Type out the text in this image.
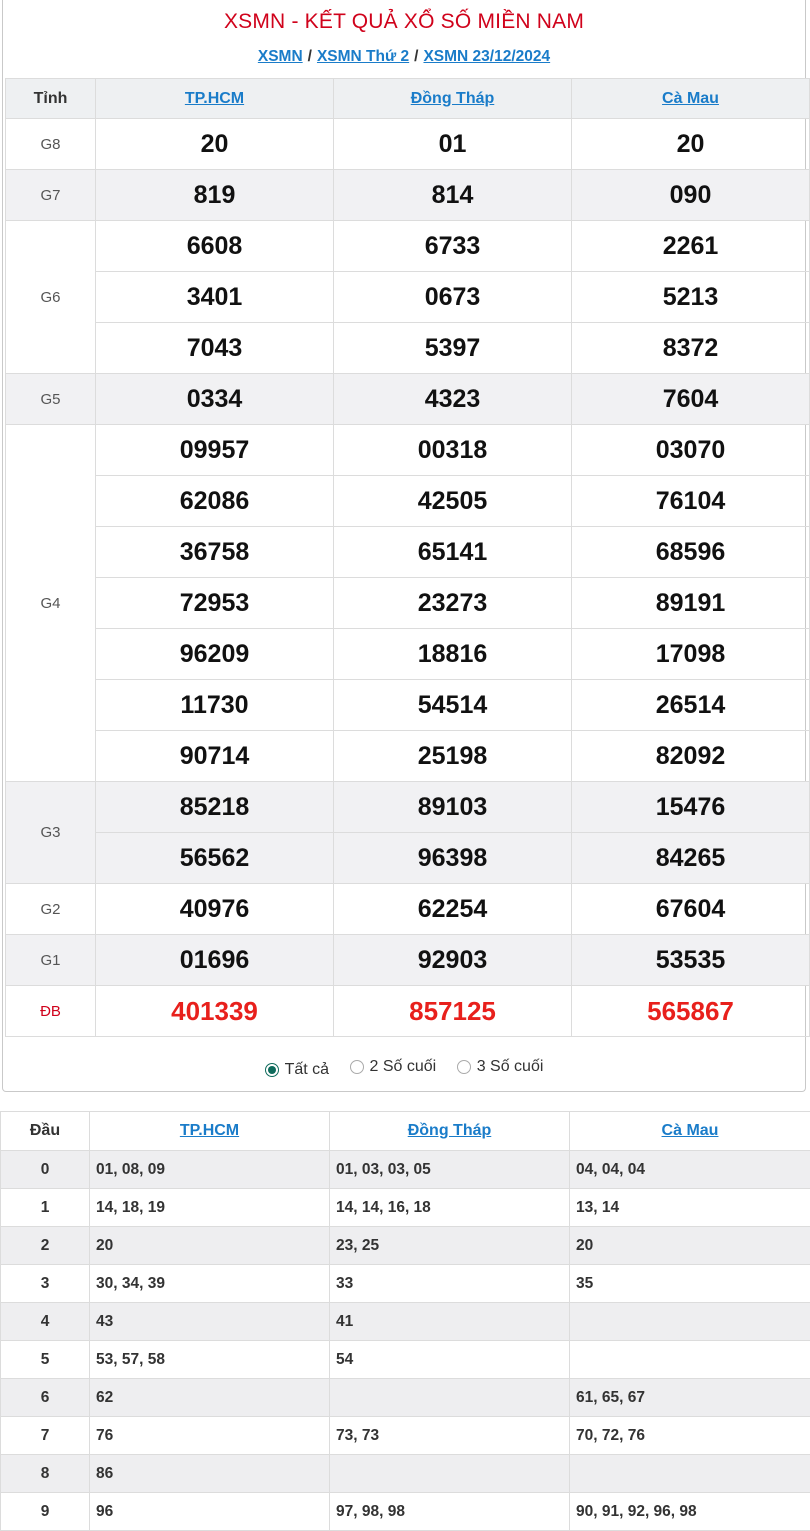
XSMN - KẾT QUẢ XỔ SỐ MIỀN NAM
XSMN / XSMN Thứ 2 / XSMN 23/12/2024
Tỉnh	TP.HCM	Đồng Tháp	Cà Mau
G8	20	01	20
G7	819	814	090
G6	6608	6733	2261
	3401	0673	5213
	7043	5397	8372
G5	0334	4323	7604
G4	09957	00318	03070
	62086	42505	76104
	36758	65141	68596
	72953	23273	89191
	96209	18816	17098
	11730	54514	26514
	90714	25198	82092
G3	85218	89103	15476
	56562	96398	84265
G2	40976	62254	67604
G1	01696	92903	53535
ĐB	401339	857125	565867
Tất cả
	2 Số cuối
	3 Số cuối
Đầu	TP.HCM	Đồng Tháp	Cà Mau
0	01, 08, 09	01, 03, 03, 05	04, 04, 04
1	14, 18, 19	14, 14, 16, 18	13, 14
2	20	23, 25	20
3	30, 34, 39	33	35
4	43	41	
5	53, 57, 58	54	
6	62		61, 65, 67
7	76	73, 73	70, 72, 76
8	86		
9	96	97, 98, 98	90, 91, 92, 96, 98
